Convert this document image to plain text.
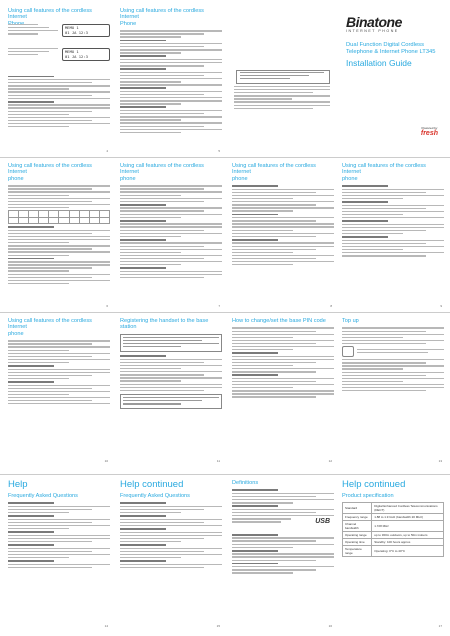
Using call features of the cordless Internet

MEMO 1
01 JA 12:3
MEMO 1
01 JA 12:3
4
Using call features of the cordless Internet
Phone
5
Binatone
INTERNET PHONE
Dual Function Digital Cordless
Telephone & Internet Phone LT345
Installation Guide
Powered by
fresh
Using call features of the cordless Internet
phone

6
Using call features of the cordless Internet
phone
7
Using call features of the cordless Internet
phone
8
Using call features of the cordless Internet
phone
9
Using call features of the cordless Internet
phone
10
Registering the handset to the base
station
11
How to change/set the base PIN code
12
Top up
13
Help
Frequently Asked Questions
14
Help continued
Frequently Asked Questions
15
Definitions
USB
16
Help continued
Product specification
Standard	Digital Enhanced Cordless Telecommunications (DECT)
Frequency range	1.88 to 1.9 GHz (bandwidth 20 MHz)
Channel bandwidth	1.728 MHz
Operating range	up to 300m outdoors, up to 50m indoors
Operating time	Standby: 100 hours approx.
Temperature range	Operating: 0°C to 40°C
17
